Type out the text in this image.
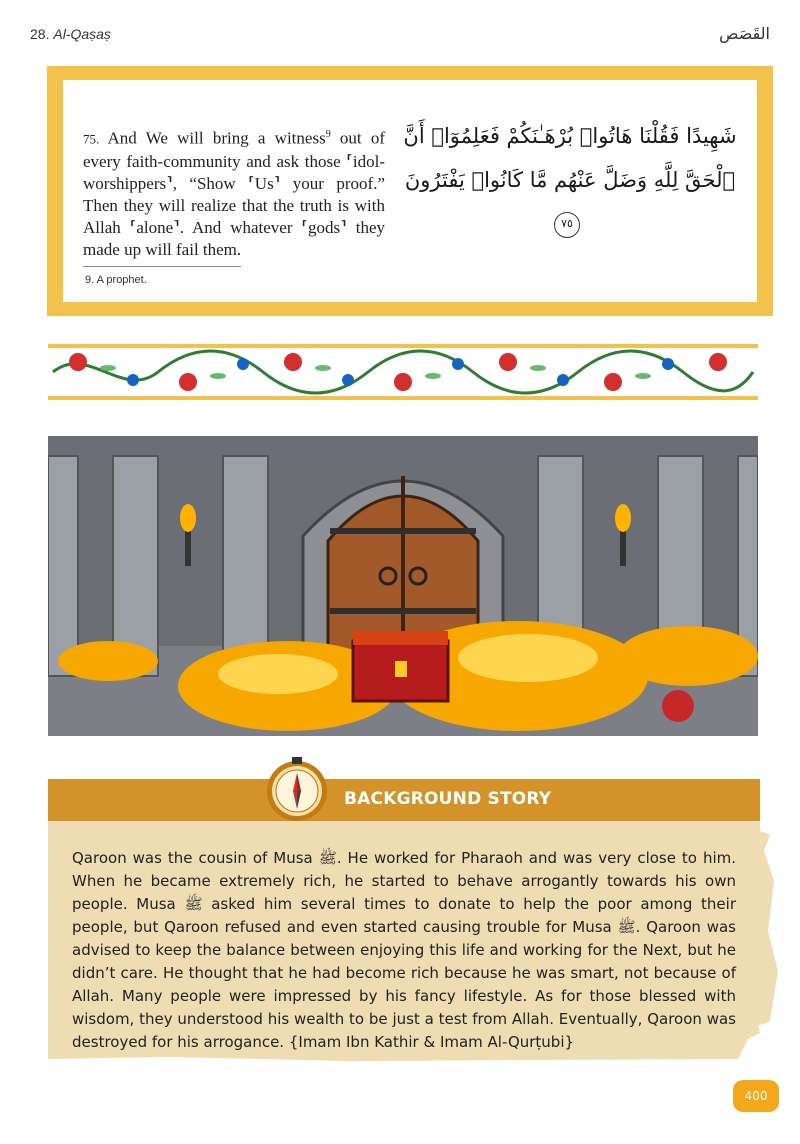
28. Al-Qaṣaṣ	القَصَص
75. And We will bring a witness$^9$ out of every faith-community and ask those ⸢idol-worshippers⸣, “Show ⸢Us⸣ your proof.” Then they will realize that the truth is with Allah ⸢alone⸣. And whatever ⸢gods⸣ they made up will fail them.
9. A prophet.
شَهِيدًا فَقُلْنَا هَاتُوا۟ بُرْهَـٰنَكُمْ فَعَلِمُوٓا۟ أَنَّ
ٱلْحَقَّ لِلَّهِ وَضَلَّ عَنْهُم مَّا كَانُوا۟ يَفْتَرُونَ ٧٥
BACKGROUND STORY
Qaroon was the cousin of Musa ﷺ. He worked for Pharaoh and was very close to him. When he became extremely rich, he started to behave arrogantly towards his own people. Musa ﷺ asked him several times to donate to help the poor among their people, but Qaroon refused and even started causing trouble for Musa ﷺ. Qaroon was advised to keep the balance between enjoying this life and working for the Next, but he didn’t care. He thought that he had become rich because he was smart, not because of Allah. Many people were impressed by his fancy lifestyle. As for those blessed with wisdom, they understood his wealth to be just a test from Allah. Eventually, Qaroon was destroyed for his arrogance. {Imam Ibn Kathir & Imam Al-Qurṭubi}
400
